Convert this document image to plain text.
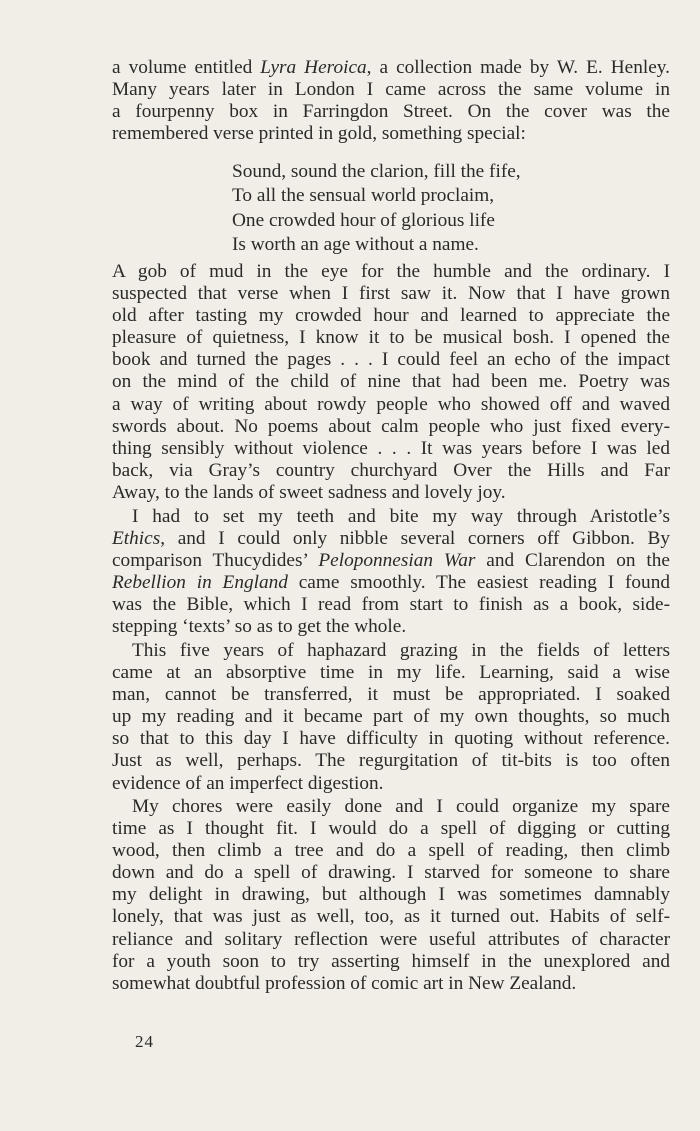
a volume entitled Lyra Heroica, a collection made by W. E. Henley.
Many years later in London I came across the same volume in
a fourpenny box in Farringdon Street. On the cover was the
remembered verse printed in gold, something special:
Sound, sound the clarion, fill the fife,
To all the sensual world proclaim,
One crowded hour of glorious life
Is worth an age without a name.
A gob of mud in the eye for the humble and the ordinary. I
suspected that verse when I first saw it. Now that I have grown
old after tasting my crowded hour and learned to appreciate the
pleasure of quietness, I know it to be musical bosh. I opened the
book and turned the pages . . . I could feel an echo of the impact
on the mind of the child of nine that had been me. Poetry was
a way of writing about rowdy people who showed off and waved
swords about. No poems about calm people who just fixed every-
thing sensibly without violence . . . It was years before I was led
back, via Gray’s country churchyard Over the Hills and Far
Away, to the lands of sweet sadness and lovely joy.
I had to set my teeth and bite my way through Aristotle’s
Ethics, and I could only nibble several corners off Gibbon. By
comparison Thucydides’ Peloponnesian War and Clarendon on the
Rebellion in England came smoothly. The easiest reading I found
was the Bible, which I read from start to finish as a book, side-
stepping ‘texts’ so as to get the whole.
This five years of haphazard grazing in the fields of letters
came at an absorptive time in my life. Learning, said a wise
man, cannot be transferred, it must be appropriated. I soaked
up my reading and it became part of my own thoughts, so much
so that to this day I have difficulty in quoting without reference.
Just as well, perhaps. The regurgitation of tit-bits is too often
evidence of an imperfect digestion.
My chores were easily done and I could organize my spare
time as I thought fit. I would do a spell of digging or cutting
wood, then climb a tree and do a spell of reading, then climb
down and do a spell of drawing. I starved for someone to share
my delight in drawing, but although I was sometimes damnably
lonely, that was just as well, too, as it turned out. Habits of self-
reliance and solitary reflection were useful attributes of character
for a youth soon to try asserting himself in the unexplored and
somewhat doubtful profession of comic art in New Zealand.
24
